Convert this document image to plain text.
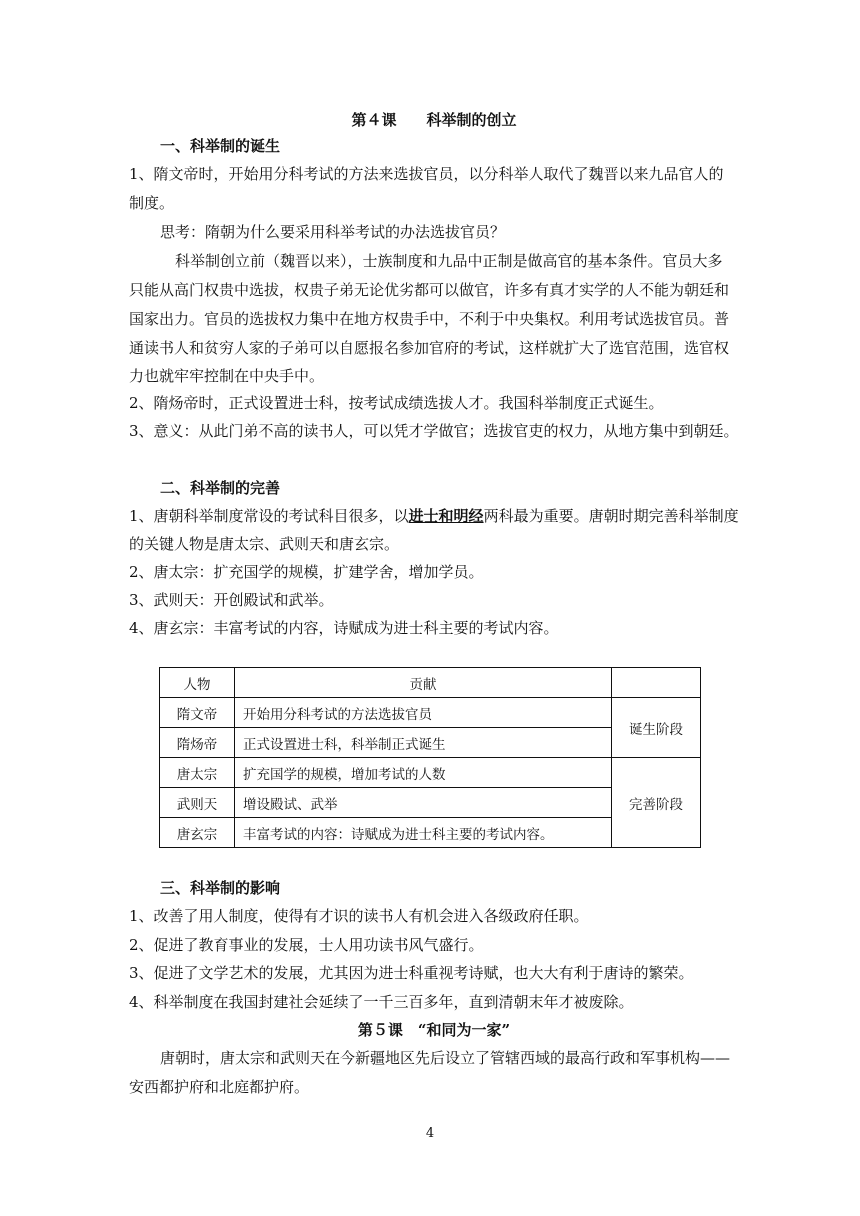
第４课　　科举制的创立
一、科举制的诞生
1、隋文帝时，开始用分科考试的方法来选拔官员，以分科举人取代了魏晋以来九品官人的
制度。
思考：隋朝为什么要采用科举考试的办法选拔官员？
科举制创立前（魏晋以来），士族制度和九品中正制是做高官的基本条件。官员大多
只能从高门权贵中选拔，权贵子弟无论优劣都可以做官，许多有真才实学的人不能为朝廷和
国家出力。官员的选拔权力集中在地方权贵手中，不利于中央集权。利用考试选拔官员。普
通读书人和贫穷人家的子弟可以自愿报名参加官府的考试，这样就扩大了选官范围，选官权
力也就牢牢控制在中央手中。
2、隋炀帝时，正式设置进士科，按考试成绩选拔人才。我国科举制度正式诞生。
3、意义：从此门弟不高的读书人，可以凭才学做官；选拔官吏的权力，从地方集中到朝廷。
二、科举制的完善
1、唐朝科举制度常设的考试科目很多，以进士和明经两科最为重要。唐朝时期完善科举制度
的关键人物是唐太宗、武则天和唐玄宗。
2、唐太宗：扩充国学的规模，扩建学舍，增加学员。
3、武则天：开创殿试和武举。
4、唐玄宗：丰富考试的内容，诗赋成为进士科主要的考试内容。
人物	贡献	
隋文帝	开始用分科考试的方法选拔官员	诞生阶段
隋炀帝	正式设置进士科，科举制正式诞生	
唐太宗	扩充国学的规模，增加考试的人数	完善阶段
武则天	增设殿试、武举	
唐玄宗	丰富考试的内容：诗赋成为进士科主要的考试内容。	
三、科举制的影响
1、改善了用人制度，使得有才识的读书人有机会进入各级政府任职。
2、促进了教育事业的发展，士人用功读书风气盛行。
3、促进了文学艺术的发展，尤其因为进士科重视考诗赋，也大大有利于唐诗的繁荣。
4、科举制度在我国封建社会延续了一千三百多年，直到清朝末年才被废除。
第５课　“和同为一家”
唐朝时，唐太宗和武则天在今新疆地区先后设立了管辖西域的最高行政和军事机构——
安西都护府和北庭都护府。
4
